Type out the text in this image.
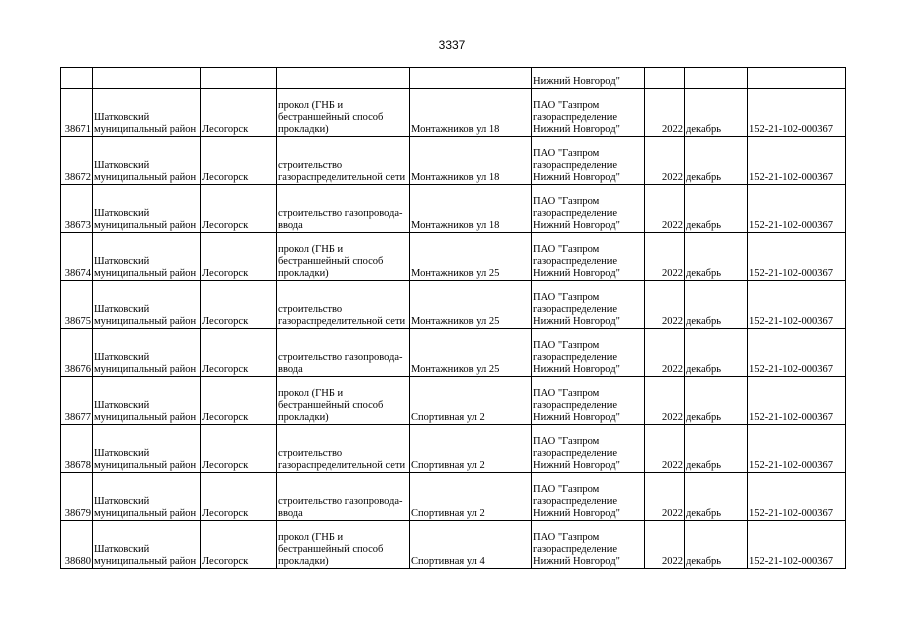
3337
					Нижний Новгород"			
38671	Шатковский
муниципальный район	Лесогорск	прокол (ГНБ и
бестраншейный способ
прокладки)	Монтажников ул 18	ПАО "Газпром
газораспределение
Нижний Новгород"	2022	декабрь	152-21-102-000367
38672	Шатковский
муниципальный район	Лесогорск	строительство
газораспределительной сети	Монтажников ул 18	ПАО "Газпром
газораспределение
Нижний Новгород"	2022	декабрь	152-21-102-000367
38673	Шатковский
муниципальный район	Лесогорск	строительство газопровода-
ввода	Монтажников ул 18	ПАО "Газпром
газораспределение
Нижний Новгород"	2022	декабрь	152-21-102-000367
38674	Шатковский
муниципальный район	Лесогорск	прокол (ГНБ и
бестраншейный способ
прокладки)	Монтажников ул 25	ПАО "Газпром
газораспределение
Нижний Новгород"	2022	декабрь	152-21-102-000367
38675	Шатковский
муниципальный район	Лесогорск	строительство
газораспределительной сети	Монтажников ул 25	ПАО "Газпром
газораспределение
Нижний Новгород"	2022	декабрь	152-21-102-000367
38676	Шатковский
муниципальный район	Лесогорск	строительство газопровода-
ввода	Монтажников ул 25	ПАО "Газпром
газораспределение
Нижний Новгород"	2022	декабрь	152-21-102-000367
38677	Шатковский
муниципальный район	Лесогорск	прокол (ГНБ и
бестраншейный способ
прокладки)	Спортивная ул 2	ПАО "Газпром
газораспределение
Нижний Новгород"	2022	декабрь	152-21-102-000367
38678	Шатковский
муниципальный район	Лесогорск	строительство
газораспределительной сети	Спортивная ул 2	ПАО "Газпром
газораспределение
Нижний Новгород"	2022	декабрь	152-21-102-000367
38679	Шатковский
муниципальный район	Лесогорск	строительство газопровода-
ввода	Спортивная ул 2	ПАО "Газпром
газораспределение
Нижний Новгород"	2022	декабрь	152-21-102-000367
38680	Шатковский
муниципальный район	Лесогорск	прокол (ГНБ и
бестраншейный способ
прокладки)	Спортивная ул 4	ПАО "Газпром
газораспределение
Нижний Новгород"	2022	декабрь	152-21-102-000367
